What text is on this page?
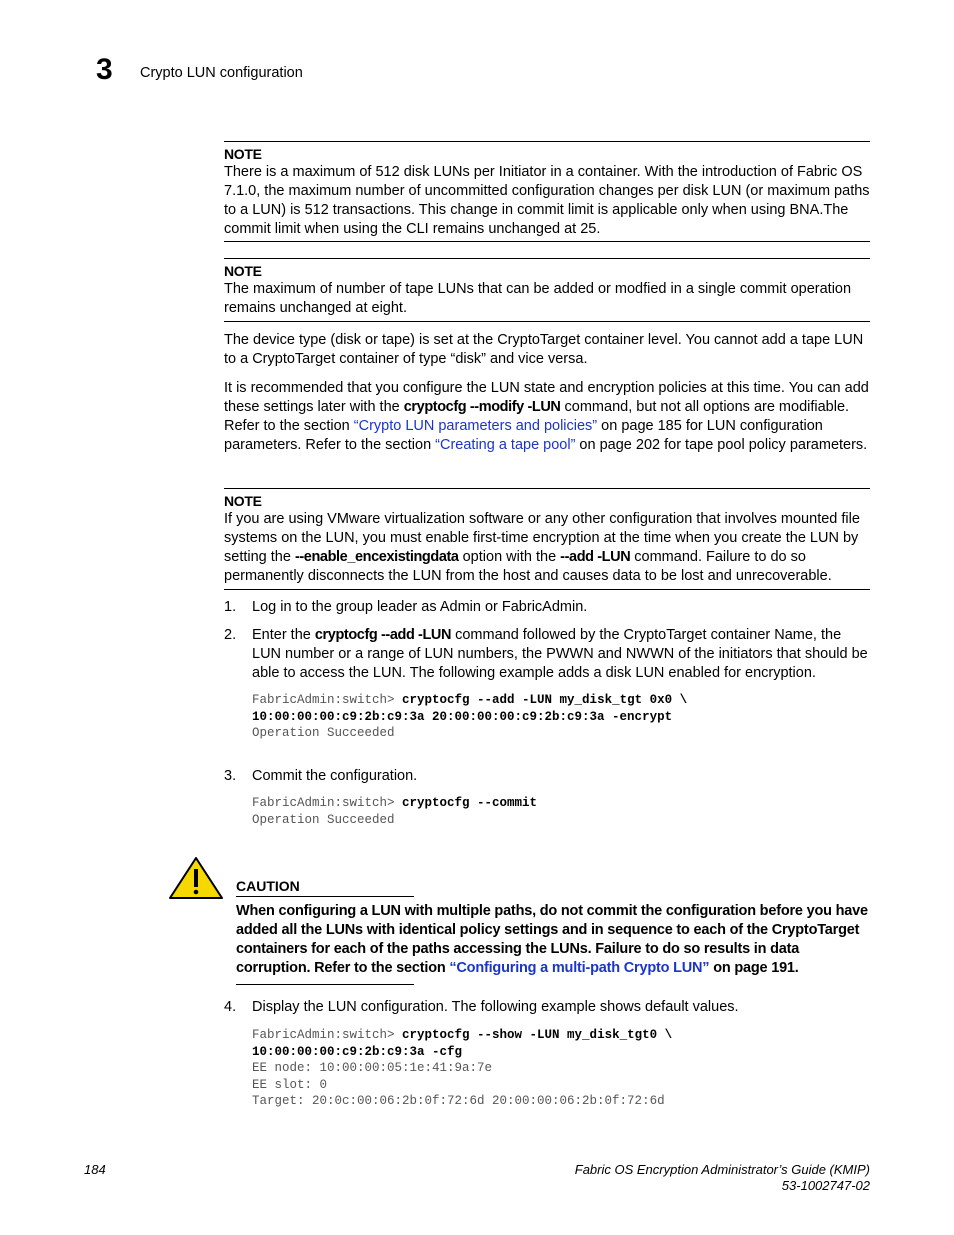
3 Crypto LUN configuration
NOTE

There is a maximum of 512 disk LUNs per Initiator in a container. With the introduction of Fabric OS 7.1.0, the maximum number of uncommitted configuration changes per disk LUN (or maximum paths to a LUN) is 512 transactions. This change in commit limit is applicable only when using BNA.The commit limit when using the CLI remains unchanged at 25.

NOTE

The maximum of number of tape LUNs that can be added or modfied in a single commit operation remains unchanged at eight.

The device type (disk or tape) is set at the CryptoTarget container level. You cannot add a tape LUN to a CryptoTarget container of type “disk” and vice versa.

It is recommended that you configure the LUN state and encryption policies at this time. You can add these settings later with the cryptocfg --modify -LUN command, but not all options are modifiable. Refer to the section “Crypto LUN parameters and policies” on page 185 for LUN configuration parameters. Refer to the section “Creating a tape pool” on page 202 for tape pool policy parameters.

NOTE

If you are using VMware virtualization software or any other configuration that involves mounted file systems on the LUN, you must enable first-time encryption at the time when you create the LUN by setting the --enable_encexistingdata option with the --add -LUN command. Failure to do so permanently disconnects the LUN from the host and causes data to be lost and unrecoverable.

1. Log in to the group leader as Admin or FabricAdmin.
2. Enter the cryptocfg --add -LUN command followed by the CryptoTarget container Name, the LUN number or a range of LUN numbers, the PWWN and NWWN of the initiators that should be able to access the LUN. The following example adds a disk LUN enabled for encryption.
FabricAdmin:switch> cryptocfg --add -LUN my_disk_tgt 0x0 \
10:00:00:00:c9:2b:c9:3a 20:00:00:00:c9:2b:c9:3a -encrypt
Operation Succeeded
3. Commit the configuration.
FabricAdmin:switch> cryptocfg --commit
Operation Succeeded
CAUTION
When configuring a LUN with multiple paths, do not commit the configuration before you have added all the LUNs with identical policy settings and in sequence to each of the CryptoTarget containers for each of the paths accessing the LUNs. Failure to do so results in data corruption. Refer to the section “Configuring a multi-path Crypto LUN” on page 191.
4. Display the LUN configuration. The following example shows default values.
FabricAdmin:switch> cryptocfg --show -LUN my_disk_tgt0 \
10:00:00:00:c9:2b:c9:3a -cfg
EE node: 10:00:00:05:1e:41:9a:7e
EE slot: 0
Target: 20:0c:00:06:2b:0f:72:6d 20:00:00:06:2b:0f:72:6d
184	Fabric OS Encryption Administrator’s Guide (KMIP)
53-1002747-02
